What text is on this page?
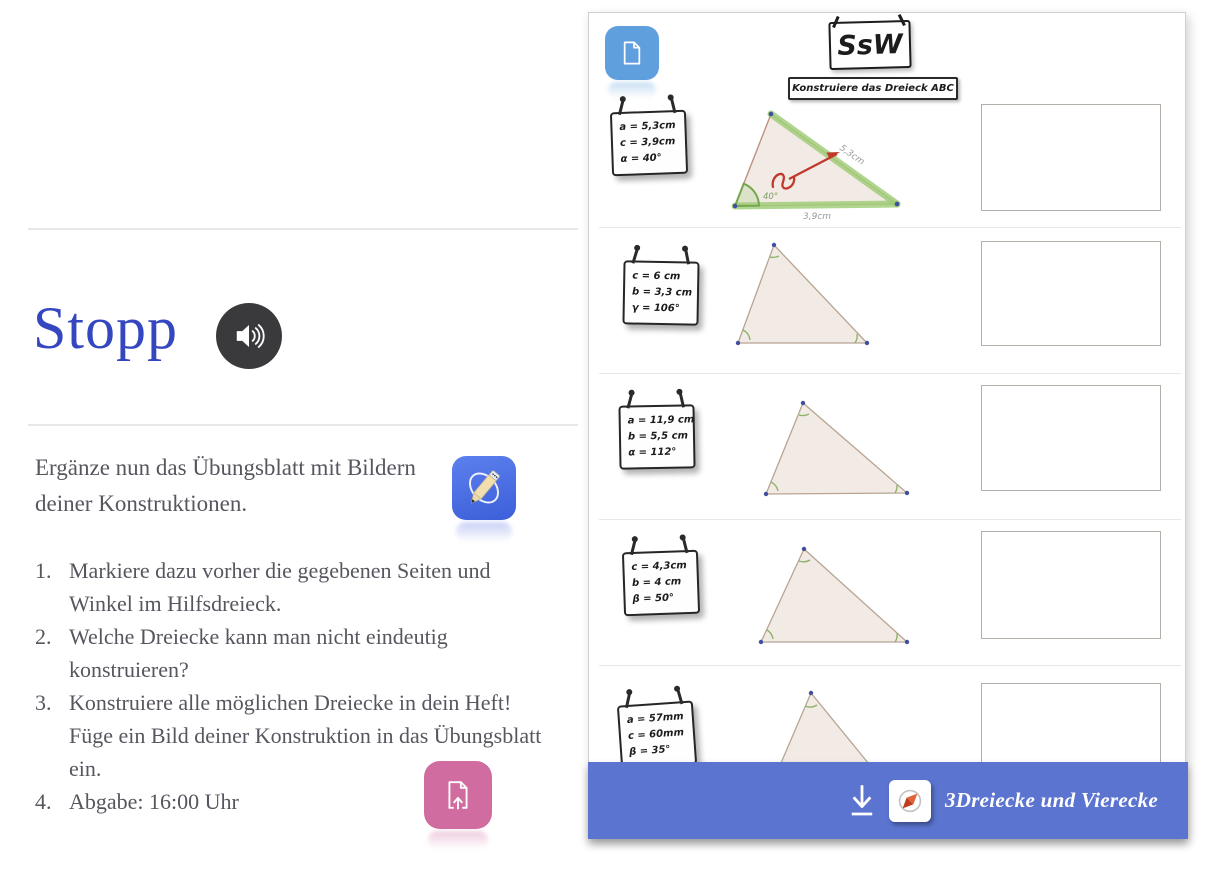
Stopp

Ergänze nun das Übungsblatt mit Bildern deiner Konstruktionen.

1. Markiere dazu vorher die gegebenen Seiten und Winkel im Hilfsdreieck.
2. Welche Dreiecke kann man nicht eindeutig konstruieren?
3. Konstruiere alle möglichen Dreiecke in dein Heft! Füge ein Bild deiner Konstruktion in das Übungsblatt ein.
4. Abgabe: 16:00 Uhr
SsW
Konstruiere das Dreieck ABC
a = 5,3cm
c = 3,9cm
α = 40°
c = 6 cm
b = 3,3 cm
γ = 106°
a = 11,9 cm
b = 5,5 cm
α = 112°
c = 4,3cm
b = 4 cm
β = 50°
a = 57mm
c = 60mm
β = 35°
5,3cm
3,9cm
40°
3Dreiecke und Vierecke
